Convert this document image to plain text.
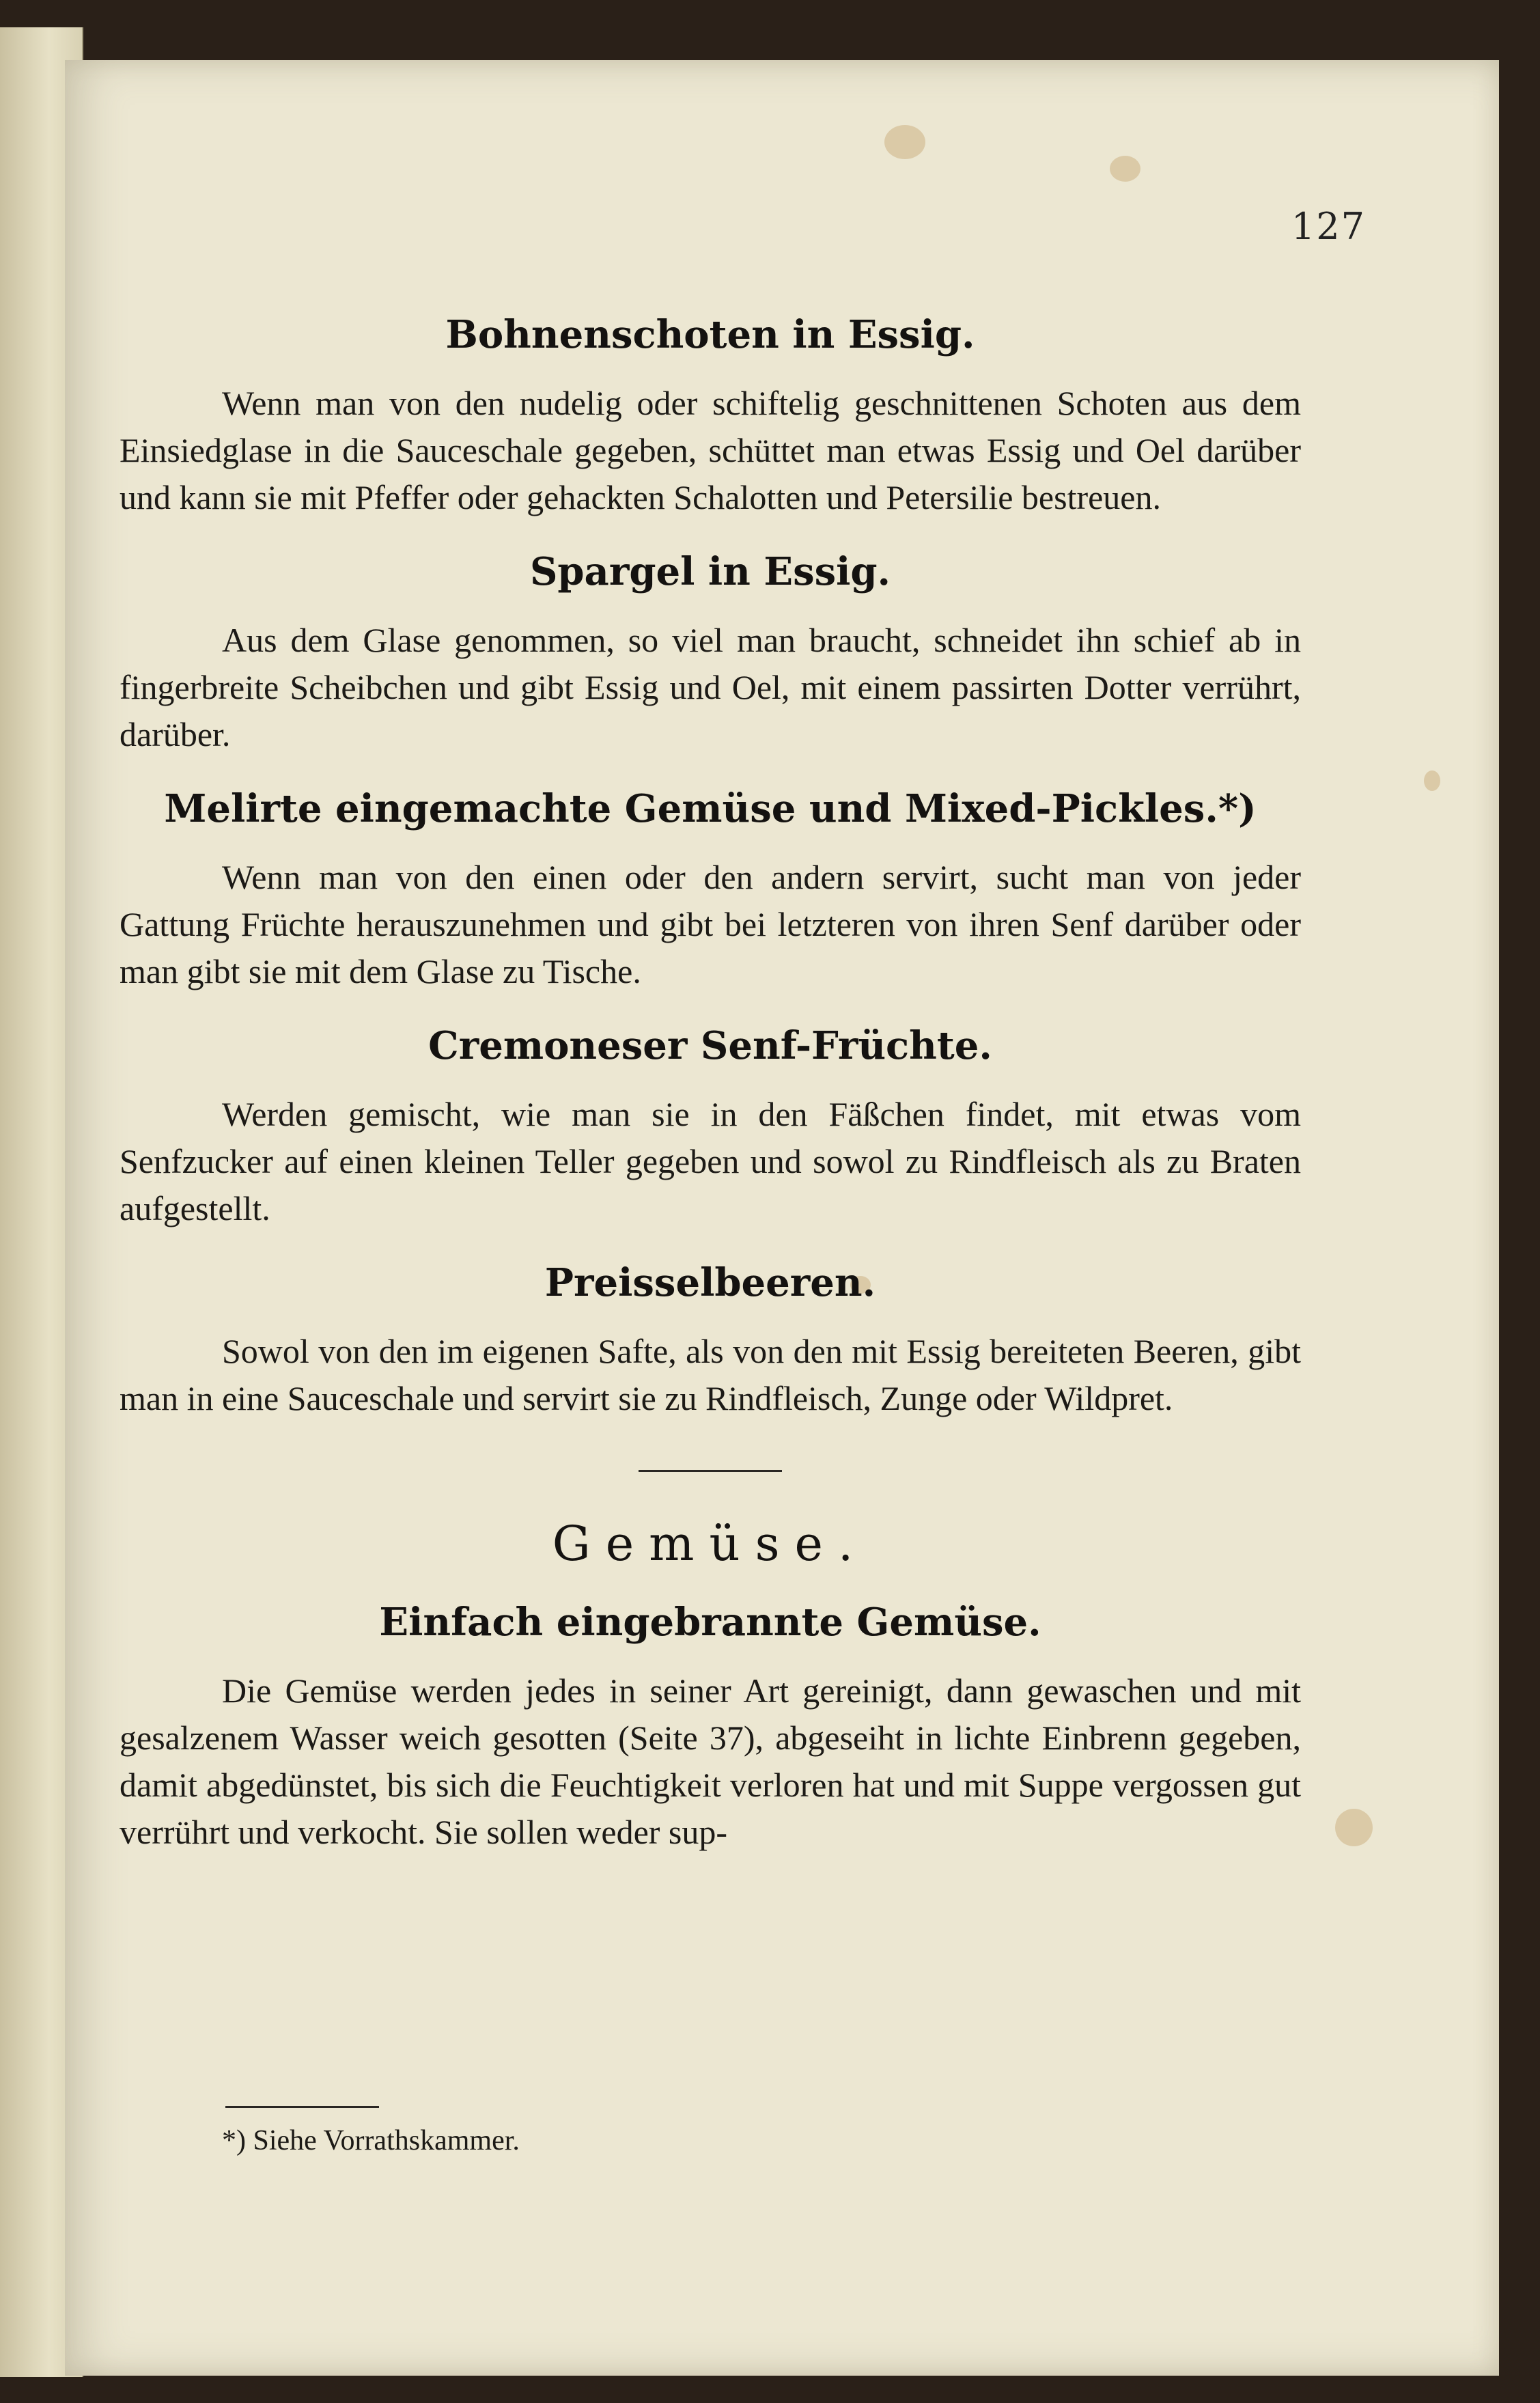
127
Bohnenschoten in Essig.

Wenn man von den nudelig oder schiftelig geschnittenen Schoten aus dem Einsiedglase in die Sauceschale gegeben, schüttet man etwas Essig und Oel darüber und kann sie mit Pfeffer oder gehackten Schalotten und Petersilie bestreuen.

Spargel in Essig.

Aus dem Glase genommen, so viel man braucht, schneidet ihn schief ab in fingerbreite Scheibchen und gibt Essig und Oel, mit einem passirten Dotter verrührt, darüber.

Melirte eingemachte Gemüse und Mixed-Pickles.*)

Wenn man von den einen oder den andern servirt, sucht man von jeder Gattung Früchte herauszunehmen und gibt bei letzteren von ihren Senf darüber oder man gibt sie mit dem Glase zu Tische.

Cremoneser Senf-Früchte.

Werden gemischt, wie man sie in den Fäßchen findet, mit etwas vom Senfzucker auf einen kleinen Teller gegeben und sowol zu Rindfleisch als zu Braten aufgestellt.

Preisselbeeren.

Sowol von den im eigenen Safte, als von den mit Essig bereiteten Beeren, gibt man in eine Sauceschale und servirt sie zu Rindfleisch, Zunge oder Wildpret.

Gemüse.
Einfach eingebrannte Gemüse.

Die Gemüse werden jedes in seiner Art gereinigt, dann gewaschen und mit gesalzenem Wasser weich gesotten (Seite 37), abgeseiht in lichte Einbrenn gegeben, damit abgedünstet, bis sich die Feuchtigkeit verloren hat und mit Suppe vergossen gut verrührt und verkocht. Sie sollen weder sup-

*) Siehe Vorrathskammer.
